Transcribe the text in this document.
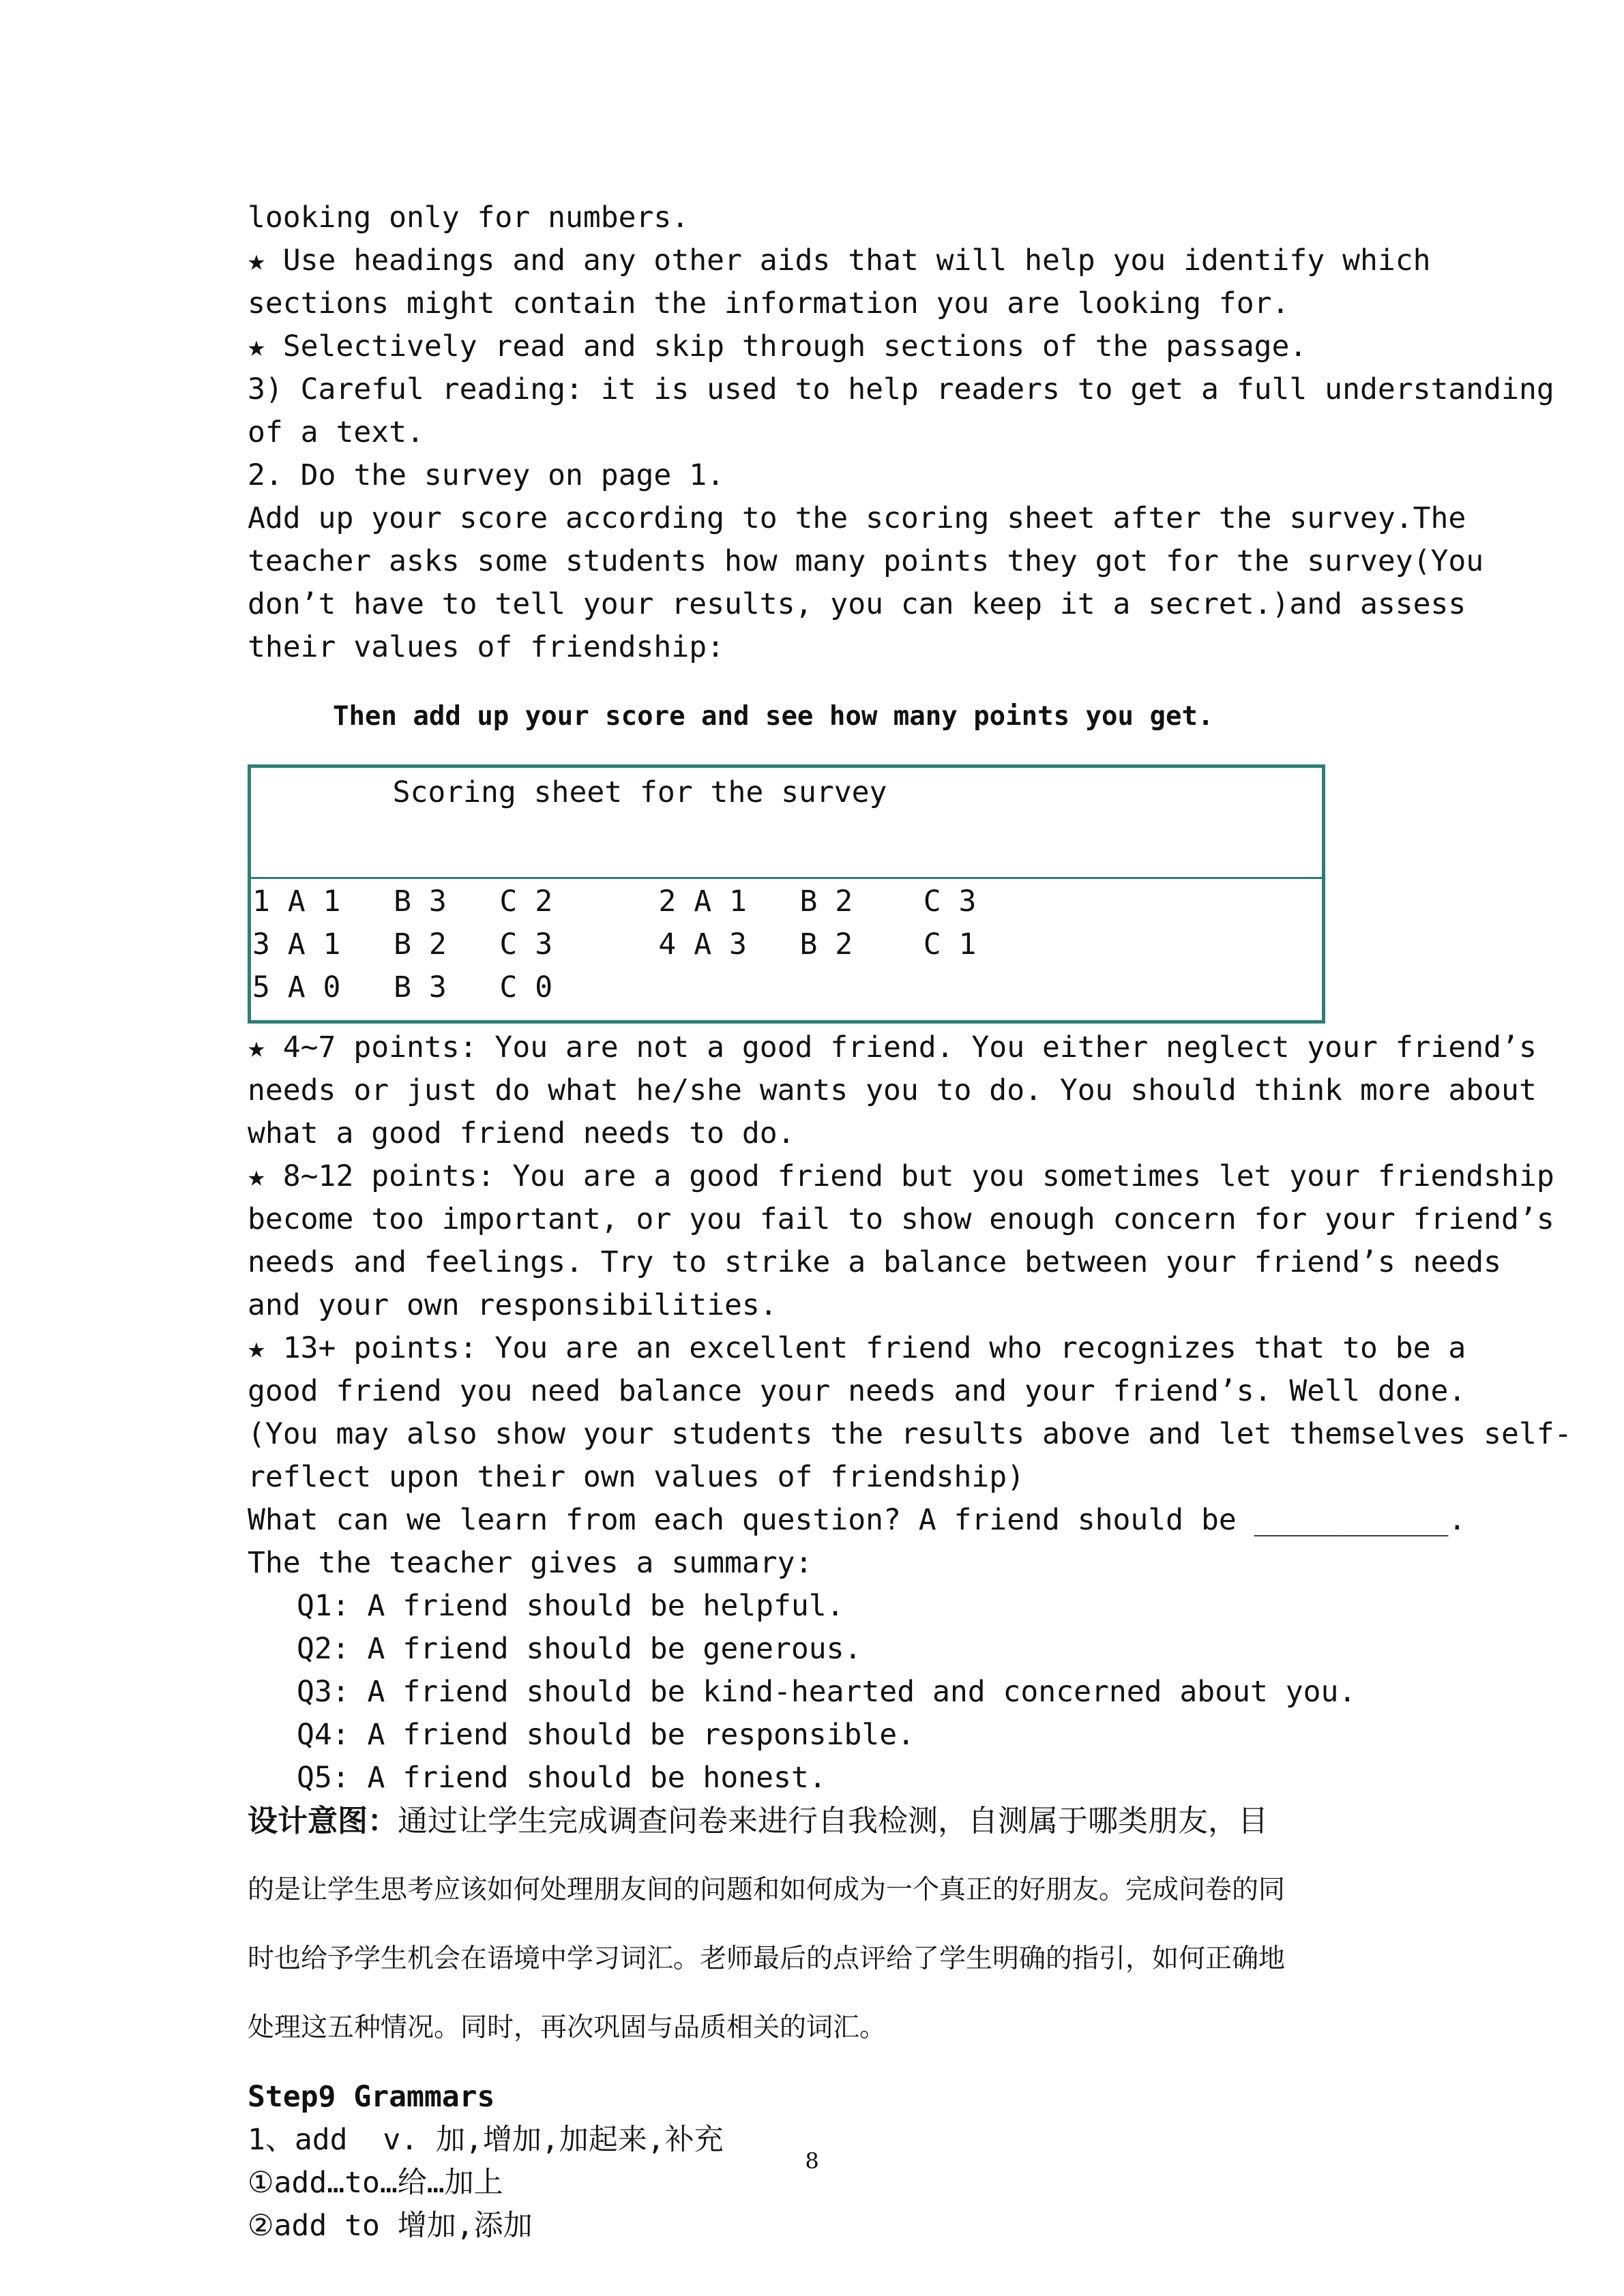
looking only for numbers.

★ Use headings and any other aids that will help you identify which

sections might contain the information you are looking for.

★ Selectively read and skip through sections of the passage.

3) Careful reading: it is used to help readers to get a full understanding

of a text.

2. Do the survey on page 1.

Add up your score according to the scoring sheet after the survey.The

teacher asks some students how many points they got for the survey(You

don’t have to tell your results, you can keep it a secret.)and assess

their values of friendship:

Then add up your score and see how many points you get.

Scoring sheet for the survey
1 A 1   B 3   C 2      2 A 1   B 2    C 3
3 A 1   B 2   C 3      4 A 3   B 2    C 1
5 A 0   B 3   C 0

★ 4~7 points: You are not a good friend. You either neglect your friend’s

needs or just do what he/she wants you to do. You should think more about

what a good friend needs to do.

★ 8~12 points: You are a good friend but you sometimes let your friendship

become too important, or you fail to show enough concern for your friend’s

needs and feelings. Try to strike a balance between your friend’s needs

and your own responsibilities.

★ 13+ points: You are an excellent friend who recognizes that to be a

good friend you need balance your needs and your friend’s. Well done.

(You may also show your students the results above and let themselves self-

reflect upon their own values of friendship)

What can we learn from each question? A friend should be ___________.

The the teacher gives a summary:

Q1: A friend should be helpful.

Q2: A friend should be generous.

Q3: A friend should be kind-hearted and concerned about you.

Q4: A friend should be responsible.

Q5: A friend should be honest.

设计意图：通过让学生完成调查问卷来进行自我检测，自测属于哪类朋友，目

的是让学生思考应该如何处理朋友间的问题和如何成为一个真正的好朋友。完成问卷的同

时也给予学生机会在语境中学习词汇。老师最后的点评给了学生明确的指引，如何正确地

处理这五种情况。同时，再次巩固与品质相关的词汇。

Step9 Grammars

1、add  v. 加,增加,加起来,补充

①add…to…给…加上

②add to 增加,添加

8
